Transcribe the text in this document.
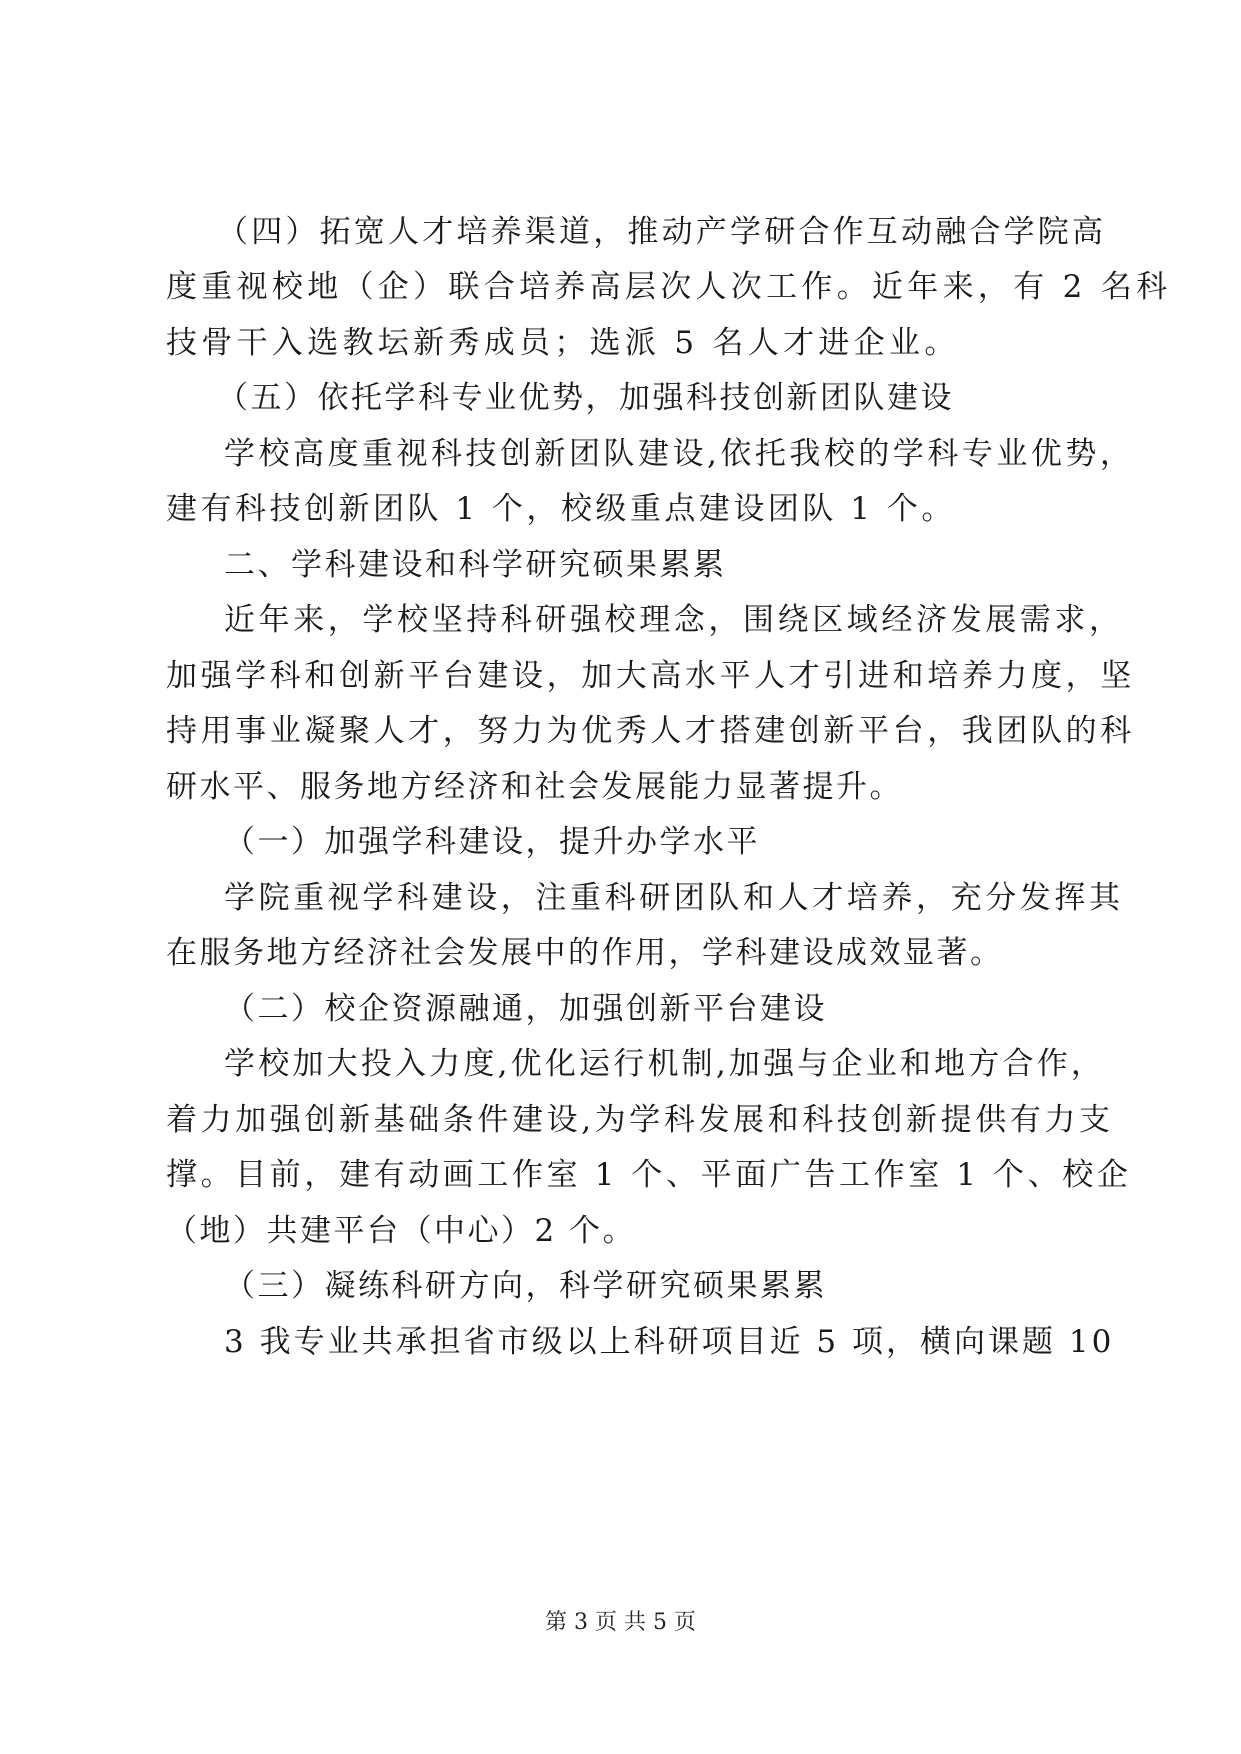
（四）拓宽人才培养渠道，推动产学研合作互动融合学院高

度重视校地（企）联合培养高层次人次工作。近年来，有 2 名科

技骨干入选教坛新秀成员；选派 5 名人才进企业。

（五）依托学科专业优势，加强科技创新团队建设

学校高度重视科技创新团队建设,依托我校的学科专业优势，

建有科技创新团队 1 个，校级重点建设团队 1 个。

二、学科建设和科学研究硕果累累

近年来，学校坚持科研强校理念，围绕区域经济发展需求，

加强学科和创新平台建设，加大高水平人才引进和培养力度，坚

持用事业凝聚人才，努力为优秀人才搭建创新平台，我团队的科

研水平、服务地方经济和社会发展能力显著提升。

（一）加强学科建设，提升办学水平

学院重视学科建设，注重科研团队和人才培养，充分发挥其

在服务地方经济社会发展中的作用，学科建设成效显著。

（二）校企资源融通，加强创新平台建设

学校加大投入力度,优化运行机制,加强与企业和地方合作，

着力加强创新基础条件建设,为学科发展和科技创新提供有力支

撑。目前，建有动画工作室 1 个、平面广告工作室 1 个、校企

（地）共建平台（中心）2 个。

（三）凝练科研方向，科学研究硕果累累

3 我专业共承担省市级以上科研项目近 5 项，横向课题 10

第 3 页 共 5 页
